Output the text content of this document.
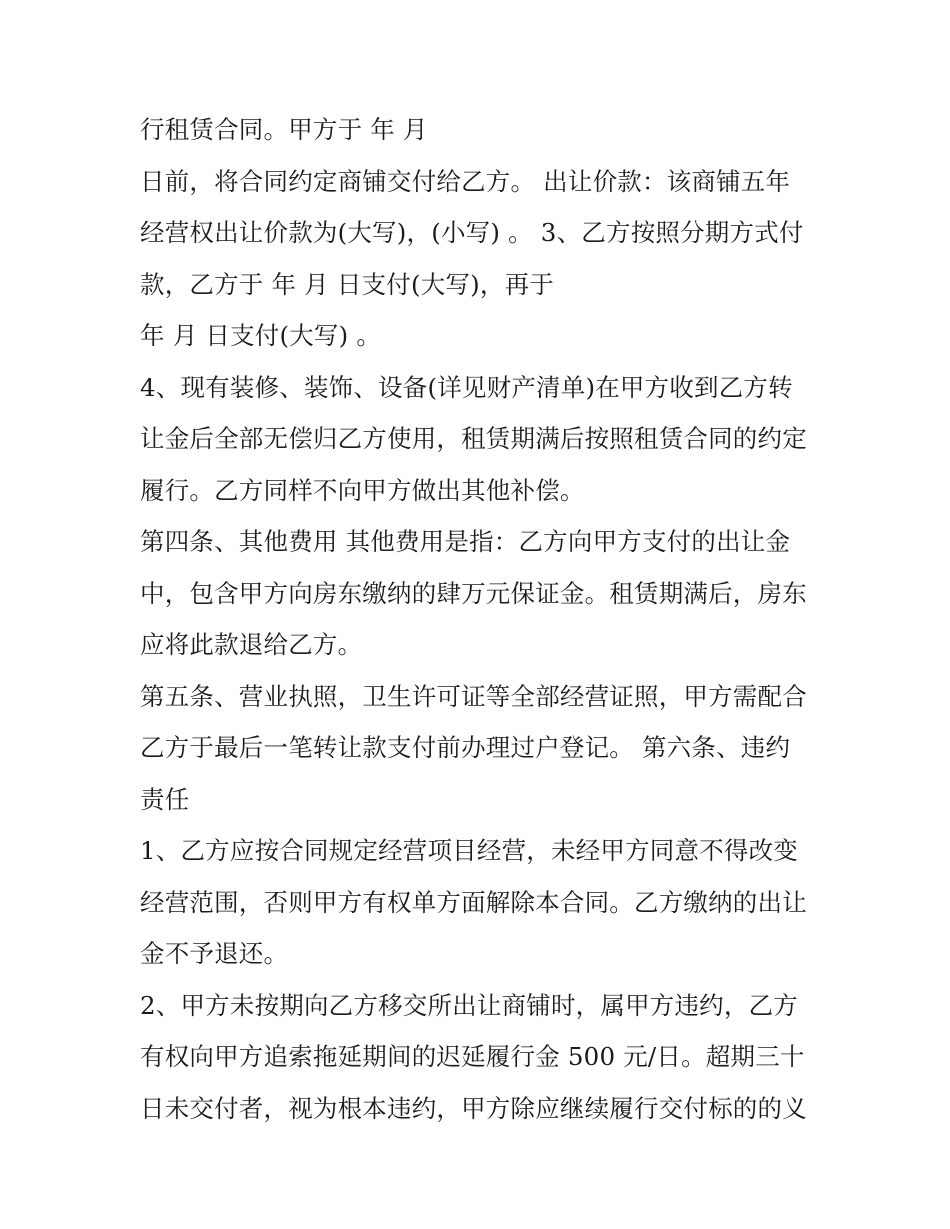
行租赁合同。甲方于 年 月
日前，将合同约定商铺交付给乙方。 出让价款：该商铺五年
经营权出让价款为(大写)，(小写) 。 3、乙方按照分期方式付
款，乙方于 年 月 日支付(大写)，再于
年 月 日支付(大写) 。
4、现有装修、装饰、设备(详见财产清单)在甲方收到乙方转
让金后全部无偿归乙方使用，租赁期满后按照租赁合同的约定
履行。乙方同样不向甲方做出其他补偿。
第四条、其他费用 其他费用是指：乙方向甲方支付的出让金
中，包含甲方向房东缴纳的肆万元保证金。租赁期满后，房东
应将此款退给乙方。
第五条、营业执照，卫生许可证等全部经营证照，甲方需配合
乙方于最后一笔转让款支付前办理过户登记。 第六条、违约
责任
1、乙方应按合同规定经营项目经营，未经甲方同意不得改变
经营范围，否则甲方有权单方面解除本合同。乙方缴纳的出让
金不予退还。
2、甲方未按期向乙方移交所出让商铺时，属甲方违约，乙方
有权向甲方追索拖延期间的迟延履行金 500 元/日。超期三十
日未交付者，视为根本违约，甲方除应继续履行交付标的的义
